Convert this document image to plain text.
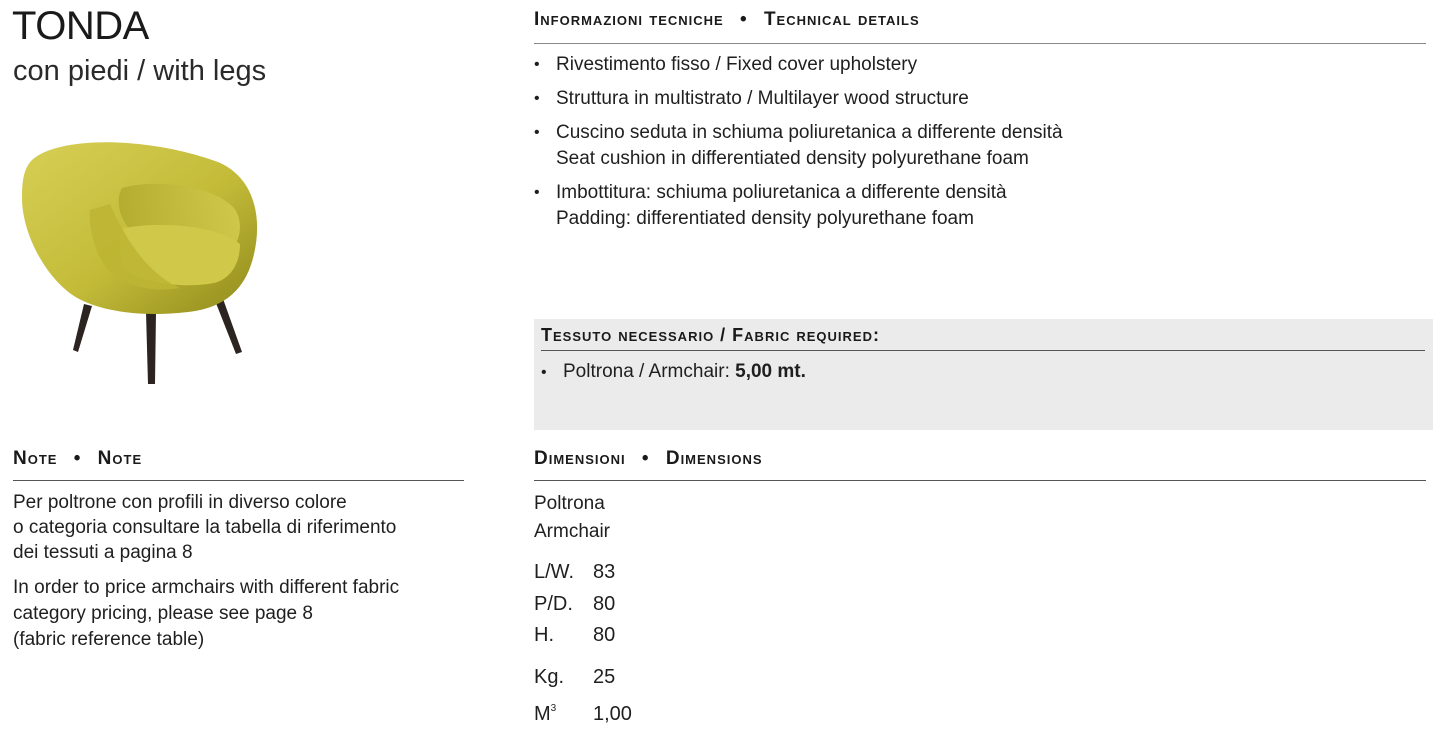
TONDA
con piedi / with legs
Informazioni tecniche • Technical details
• Rivestimento fisso / Fixed cover upholstery
• Struttura in multistrato / Multilayer wood structure
• Cuscino seduta in schiuma poliuretanica a differente densità
Seat cushion in differentiated density polyurethane foam
• Imbottitura: schiuma poliuretanica a differente densità
Padding: differentiated density polyurethane foam
Tessuto necessario / Fabric required:
• Poltrona / Armchair: 5,00 mt.
Note • Note
Per poltrone con profili in diverso colore
o categoria consultare la tabella di riferimento
dei tessuti a pagina 8
In order to price armchairs with different fabric
category pricing, please see page 8
(fabric reference table)
Dimensioni • Dimensions
Poltrona
Armchair
L/W. 83
P/D. 80
H. 80
Kg. 25
$M^3$ 1,00
